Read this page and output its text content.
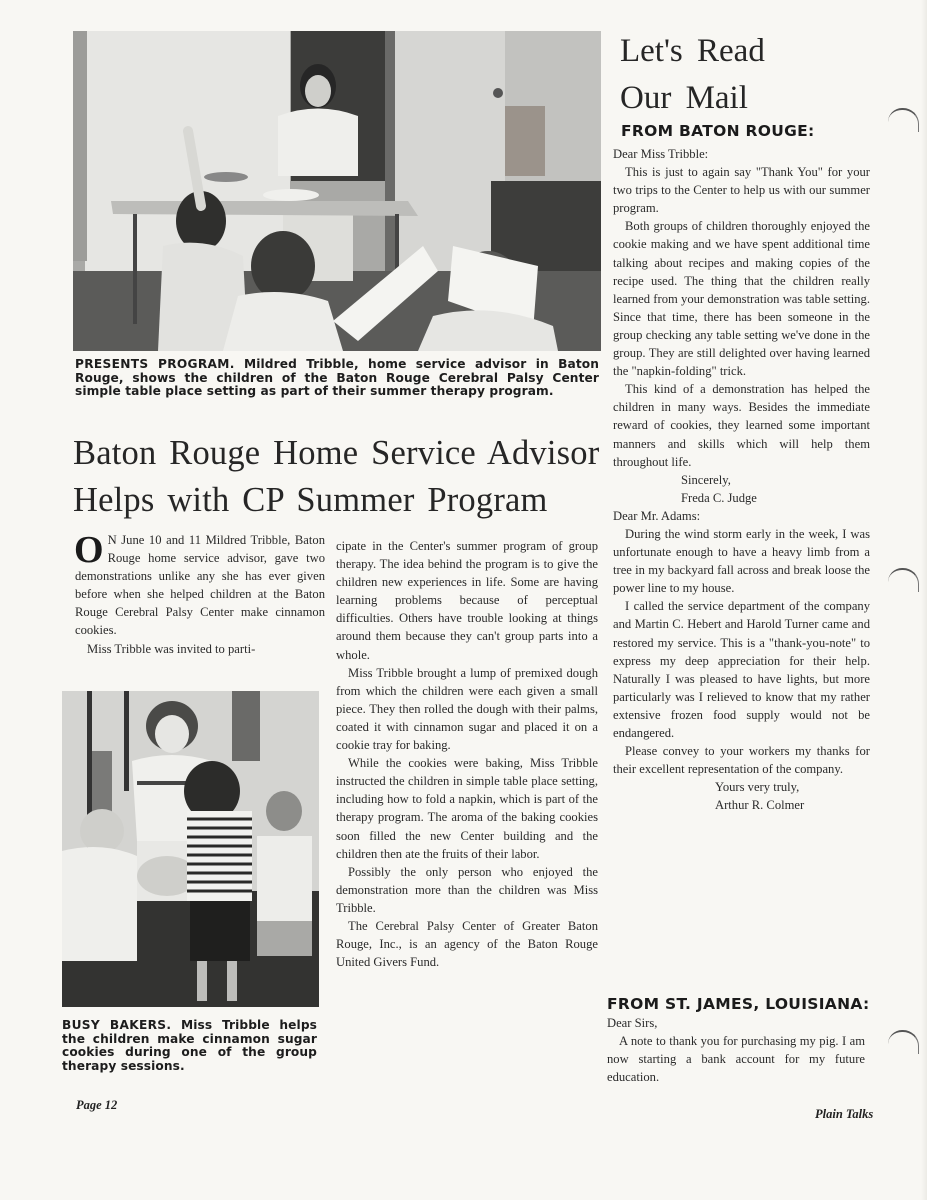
PRESENTS PROGRAM. Mildred Tribble, home service advisor in Baton Rouge, shows the children of the Baton Rouge Cerebral Palsy Center simple table place setting as part of their summer therapy program.
Baton Rouge Home Service Advisor Helps with CP Summer Program

O N June 10 and 11 Mildred Tribble, Baton Rouge home service advisor, gave two demonstrations unlike any she has ever given before when she helped children at the Baton Rouge Cerebral Palsy Center make cinnamon cookies.

Miss Tribble was invited to parti-

BUSY BAKERS. Miss Tribble helps the children make cinnamon sugar cookies during one of the group therapy sessions.

cipate in the Center's summer program of group therapy. The idea behind the program is to give the children new experiences in life. Some are having learning problems because of perceptual difficulties. Others have trouble looking at things around them because they can't group parts into a whole.

Miss Tribble brought a lump of premixed dough from which the children were each given a small piece. They then rolled the dough with their palms, coated it with cinnamon sugar and placed it on a cookie tray for baking.

While the cookies were baking, Miss Tribble instructed the children in simple table place setting, including how to fold a napkin, which is part of the therapy program. The aroma of the baking cookies soon filled the new Center building and the children then ate the fruits of their labor.

Possibly the only person who enjoyed the demonstration more than the children was Miss Tribble.

The Cerebral Palsy Center of Greater Baton Rouge, Inc., is an agency of the Baton Rouge United Givers Fund.

Let's Read
Our Mail
FROM BATON ROUGE:

Dear Miss Tribble:

This is just to again say "Thank You" for your two trips to the Center to help us with our summer program.

Both groups of children thoroughly enjoyed the cookie making and we have spent additional time talking about recipes and making copies of the recipe used. The thing that the children really learned from your demonstration was table setting. Since that time, there has been someone in the group checking any table setting we've done in the group. They are still delighted over having learned the "napkin-folding" trick.

This kind of a demonstration has helped the children in many ways. Besides the immediate reward of cookies, they learned some important manners and skills which will help them throughout life.

Sincerely,

Freda C. Judge

Dear Mr. Adams:

During the wind storm early in the week, I was unfortunate enough to have a heavy limb from a tree in my backyard fall across and break loose the power line to my house.

I called the service department of the company and Martin C. Hebert and Harold Turner came and restored my service. This is a "thank-you-note" to express my deep appreciation for their help. Naturally I was pleased to have lights, but more particularly was I relieved to know that my rather extensive frozen food supply would not be endangered.

Please convey to your workers my thanks for their excellent representation of the company.

Yours very truly,

Arthur R. Colmer

FROM ST. JAMES, LOUISIANA:

Dear Sirs,

A note to thank you for purchasing my pig. I am now starting a bank account for my future education.

Page 12
Plain Talks
